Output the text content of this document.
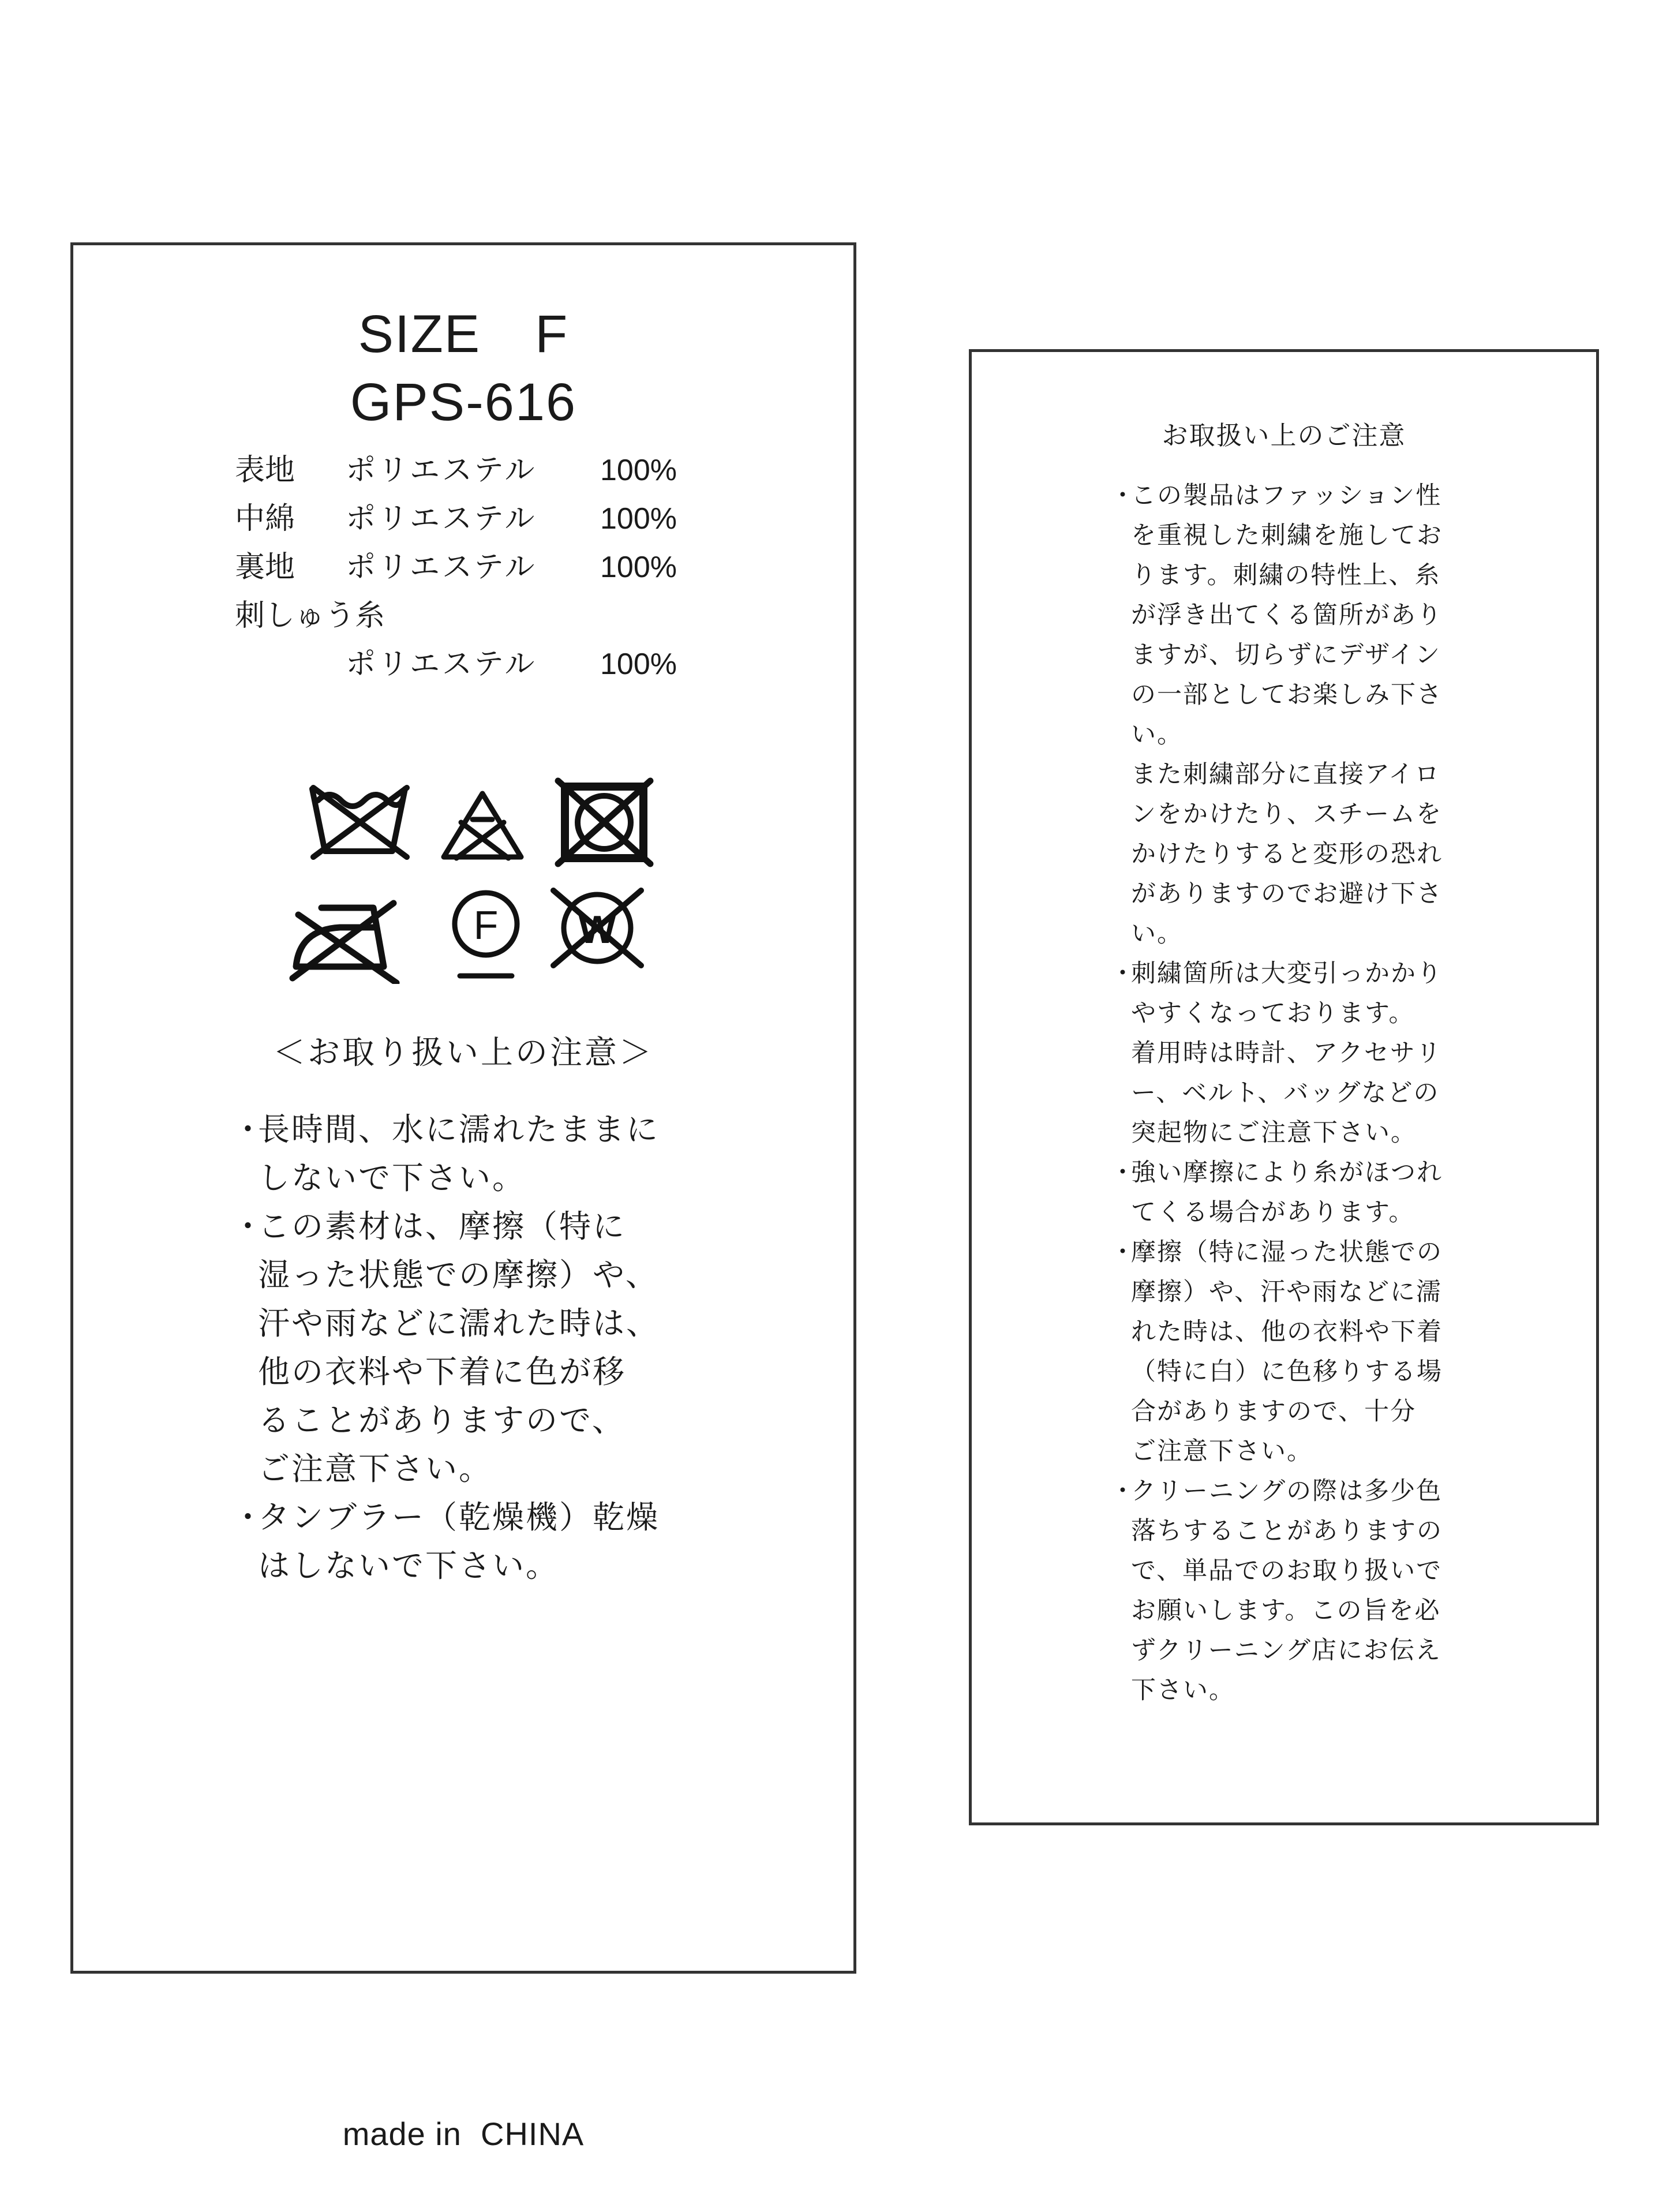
SIZE　F
GPS-616
表地 ポリエステル 100%
中綿 ポリエステル 100%
裏地 ポリエステル 100%
刺しゅう糸
ポリエステル 100%
F W
＜お取り扱い上の注意＞
・
長時間、水に濡れたままに
しないで下さい。
・
この素材は、摩擦（特に
湿った状態での摩擦）や、
汗や雨などに濡れた時は、
他の衣料や下着に色が移
ることがありますので、
ご注意下さい。
・
タンブラー（乾燥機）乾燥
はしないで下さい。
made in  CHINA
お取扱い上のご注意
・
この製品はファッション性
を重視した刺繍を施してお
ります。刺繍の特性上、糸
が浮き出てくる箇所があり
ますが、切らずにデザイン
の一部としてお楽しみ下さ
い。
また刺繍部分に直接アイロ
ンをかけたり、スチームを
かけたりすると変形の恐れ
がありますのでお避け下さ
い。
・
刺繍箇所は大変引っかかり
やすくなっております。
着用時は時計、アクセサリ
ー、ベルト、バッグなどの
突起物にご注意下さい。
・
強い摩擦により糸がほつれ
てくる場合があります。
・
摩擦（特に湿った状態での
摩擦）や、汗や雨などに濡
れた時は、他の衣料や下着
（特に白）に色移りする場
合がありますので、十分
ご注意下さい。
・
クリーニングの際は多少色
落ちすることがありますの
で、単品でのお取り扱いで
お願いします。この旨を必
ずクリーニング店にお伝え
下さい。
